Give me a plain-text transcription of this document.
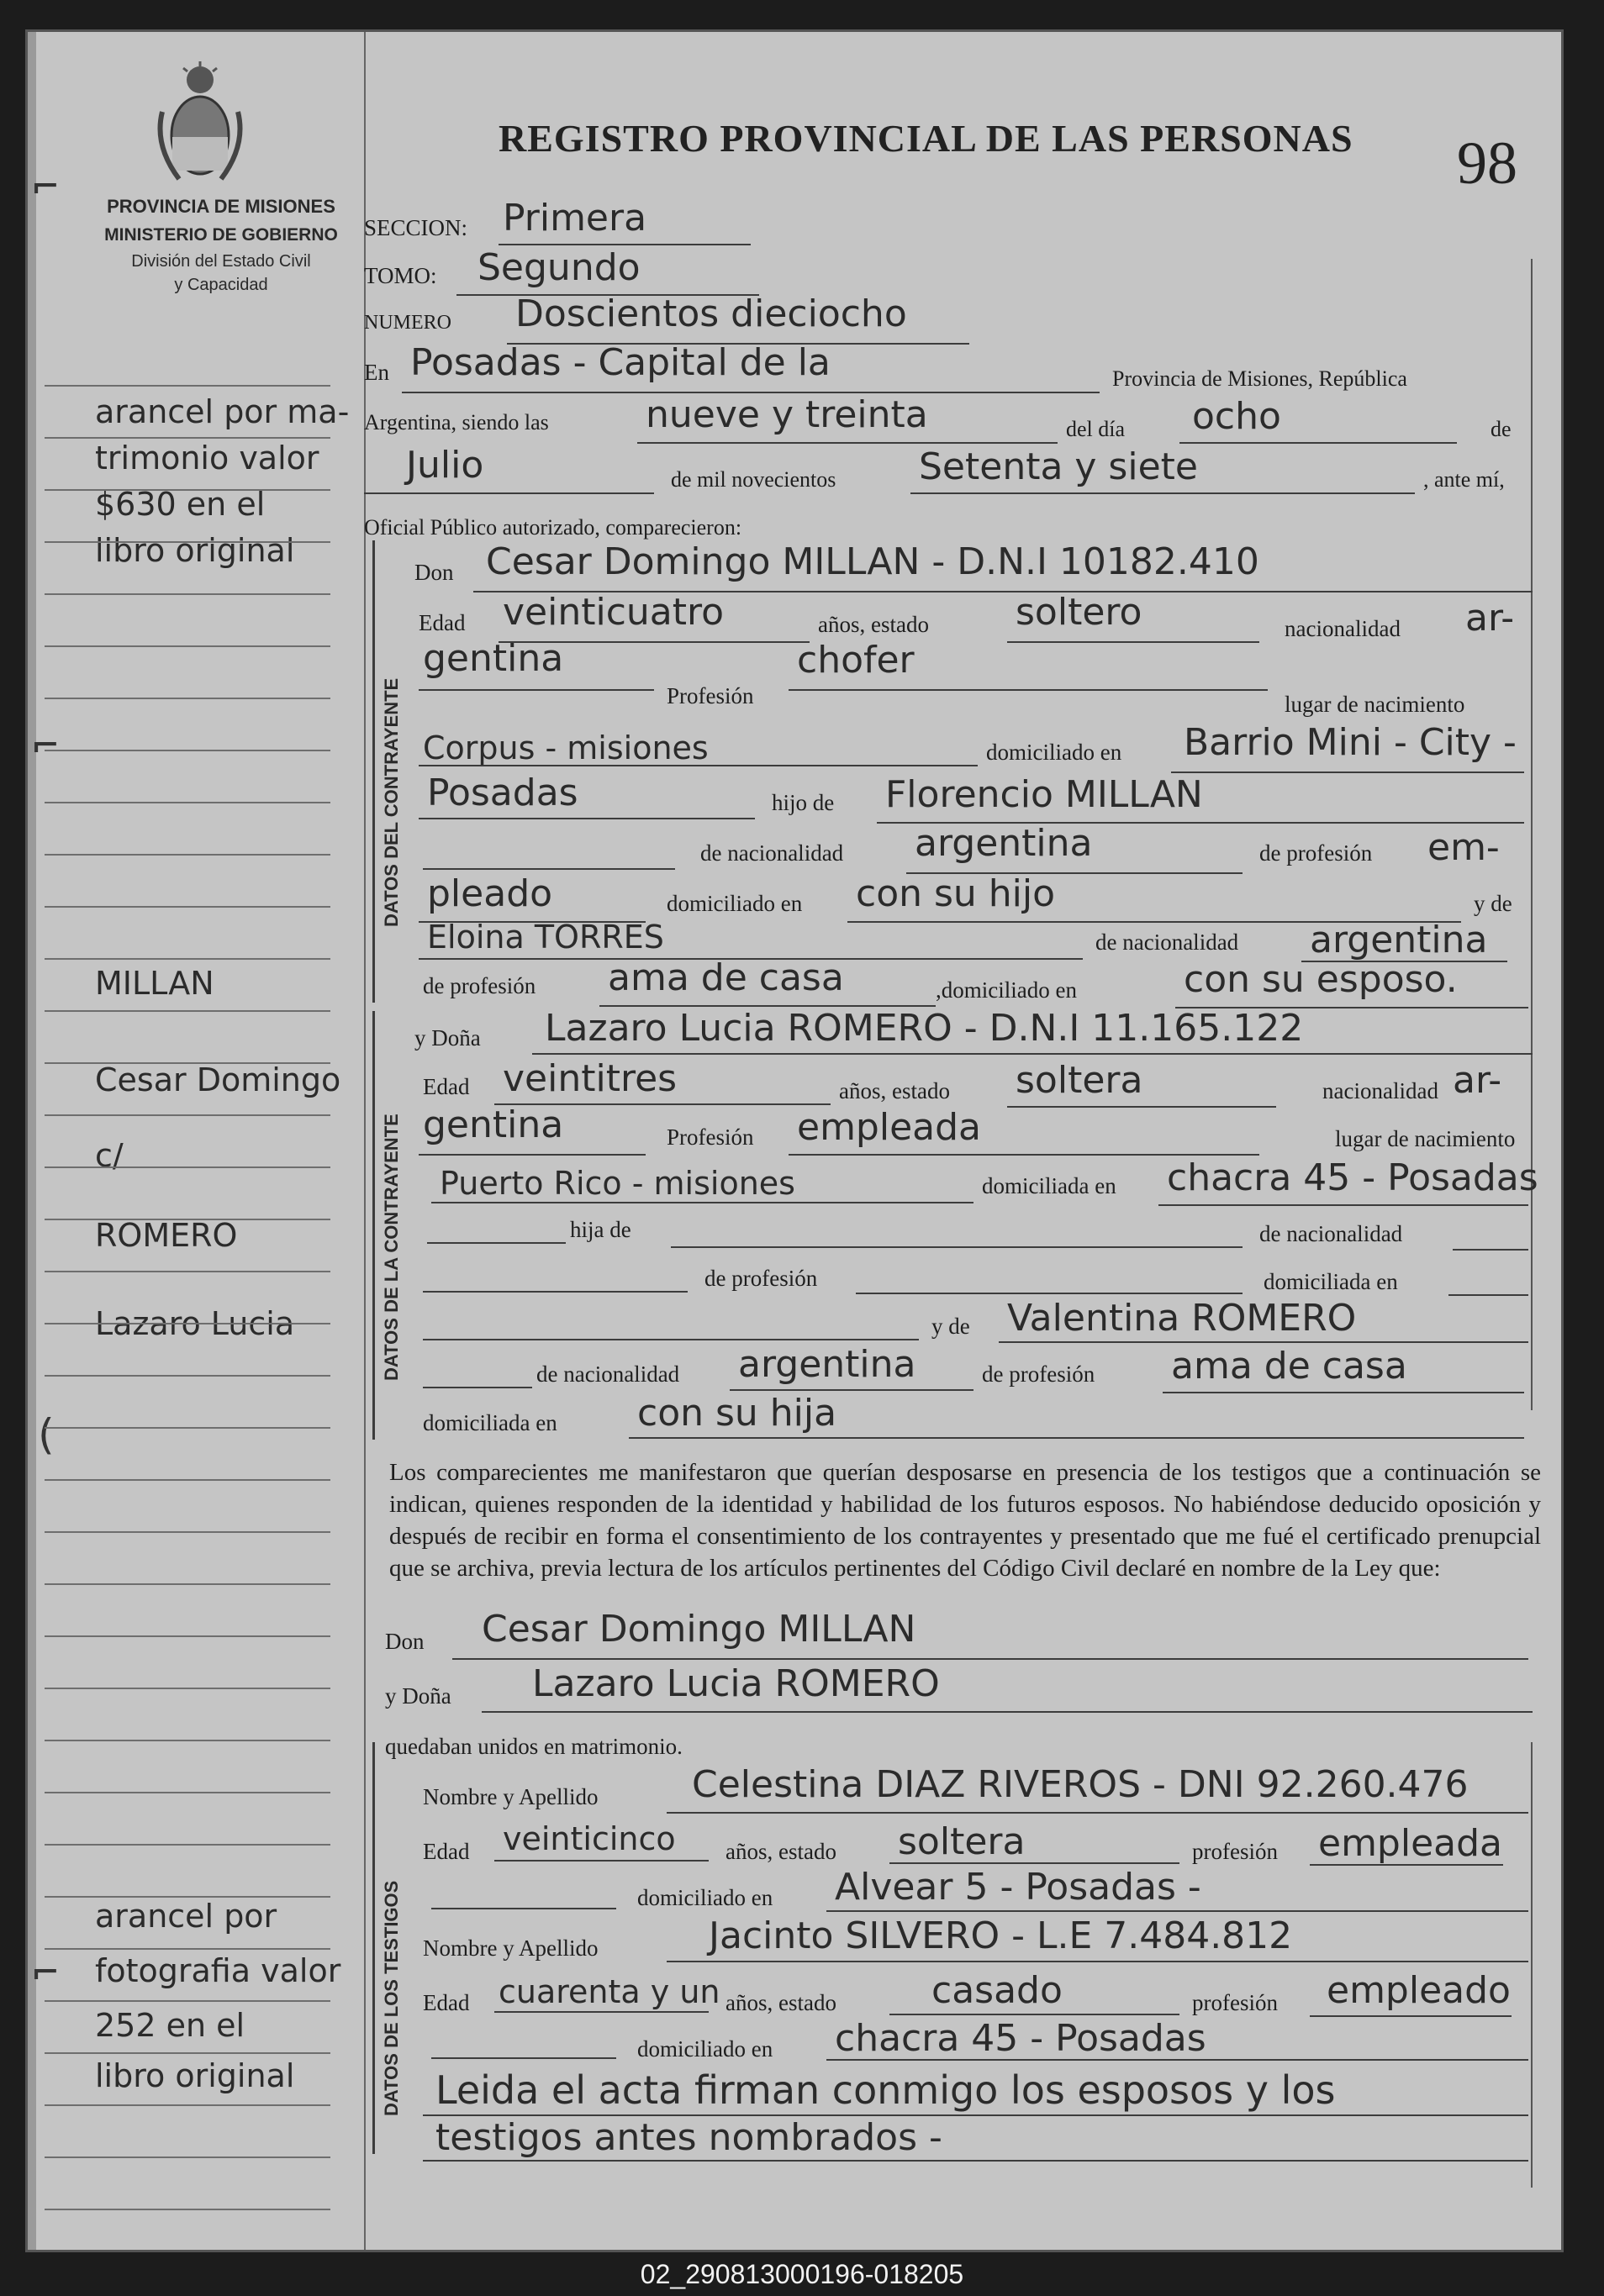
⌐
⌐
(
⌐
PROVINCIA DE MISIONES
MINISTERIO DE GOBIERNO
División del Estado Civil
y Capacidad
REGISTRO PROVINCIAL DE LAS PERSONAS 98
arancel por ma-
trimonio valor
$630 en el
libro original
MILLAN
Cesar Domingo
c/
ROMERO
Lazaro Lucia
arancel por
fotografia valor
252 en el
libro original
SECCION: Primera
TOMO: Segundo
NUMERO Doscientos dieciocho
En Posadas - Capital de la	Provincia de Misiones, República
Argentina, siendo las	nueve y treinta	del día ocho	de
Julio	de mil novecientos Setenta y siete	, ante mí,
Oficial Público autorizado, comparecieron:
DATOS DEL CONTRAYENTE
DATOS DE LA CONTRAYENTE
DATOS DE LOS TESTIGOS
Don Cesar Domingo MILLAN - D.N.I 10182.410
Edad veinticuatro	años, estado soltero	nacionalidad ar-
gentina
Profesión
chofer
lugar de nacimiento
Corpus - misiones	domiciliado en Barrio Mini - City -
Posadas	hijo de Florencio MILLAN
de nacionalidad argentina	de profesión em-
pleado	domiciliado en con su hijo	y de
Eloina TORRES	de nacionalidad argentina
de profesión ama de casa	,domiciliado en	con su esposo.
y Doña Lazaro Lucia ROMERO - D.N.I 11.165.122
Edad veintitres	años, estado soltera	nacionalidad ar-
gentina	Profesión empleada	lugar de nacimiento
Puerto Rico - misiones	domiciliada en chacra 45 - Posadas
hija de	de nacionalidad
de profesión	domiciliada en
y de Valentina ROMERO
de nacionalidad argentina	de profesión ama de casa
domiciliada en con su hija
Los comparecientes me manifestaron que querían desposarse en presencia de los testigos que a continuación se indican, quienes responden de la identidad y habilidad de los futuros esposos. No habiéndose deducido oposición y después de recibir en forma el consentimiento de los contrayentes y presentado que me fué el certificado prenupcial que se archiva, previa lectura de los artículos pertinentes del Código Civil declaré en nombre de la Ley que:
Don Cesar Domingo MILLAN
y Doña Lazaro Lucia ROMERO
quedaban unidos en matrimonio.
Nombre y Apellido	Celestina DIAZ RIVEROS - DNI 92.260.476
Edad veinticinco años, estado soltera	profesión empleada
domiciliado en Alvear 5 - Posadas -
Nombre y Apellido	Jacinto SILVERO - L.E 7.484.812
Edad cuarenta y un años, estado	casado	profesión empleado
domiciliado en chacra 45 - Posadas
Leida el acta firman conmigo los esposos y los
testigos antes nombrados -
02_290813000196-018205
